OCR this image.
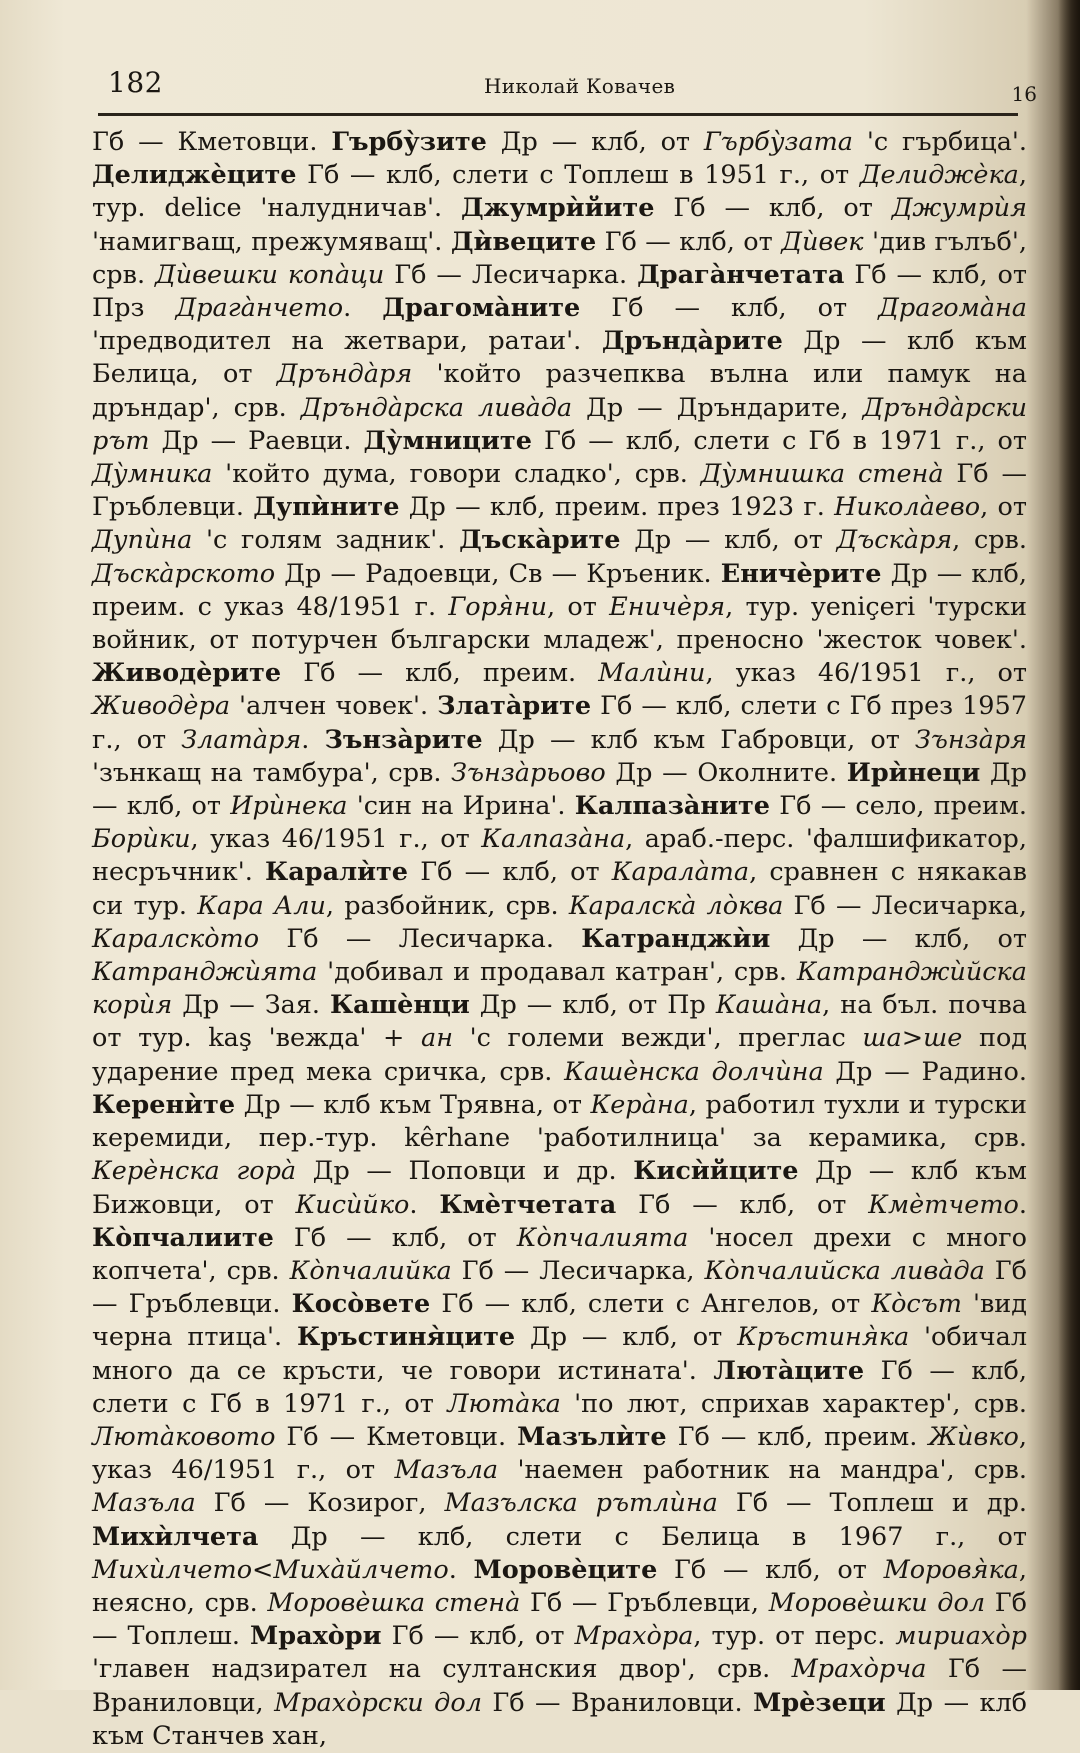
182	Николай Ковачев	16
Гб — Кметовци. Гърбу̀зите Др — клб, от Гърбу̀зата 'с гърбица'. Делиджѐците Гб — клб, слети с Топлеш в 1951 г., от Делиджѐка, тур. delice 'налудничав'. Джумрѝйите Гб — клб, от Джумрѝя 'намигващ, прежумяващ'. Дѝвеците Гб — клб, от Дѝвек 'див гълъб', срв. Дѝвешки копа̀ци Гб — Лесичарка. Драга̀нчетата Гб — клб, от Прз Драга̀нчето. Драгома̀ните Гб — клб, от Драгома̀на 'предводител на жетвари, ратаи'. Дръндàрите Др — клб към Белица, от Дръндàря 'който разчепква вълна или памук на дръндар', срв. Дръндàрска лива̀да Др — Дръндарите, Дръндàрски рът Др — Раевци. Ду̀мниците Гб — клб, слети с Гб в 1971 г., от Ду̀мника 'който дума, говори сладко', срв. Ду̀мнишка стенà Гб — Гръблевци. Дупѝните Др — клб, преим. през 1923 г. Николàево, от Дупѝна 'с голям задник'. Дъскàрите Др — клб, от Дъскàря, срв. Дъскàрското Др — Радоевци, Св — Кръеник. Еничѐрите Др — клб, преим. с указ 48/1951 г. Горя̀ни, от Еничѐря, тур. yeniçeri 'турски войник, от потурчен български младеж', преносно 'жесток човек'. Живодѐрите Гб — клб, преим. Малѝни, указ 46/1951 г., от Живодѐра 'алчен човек'. Златàрите Гб — клб, слети с Гб през 1957 г., от Златàря. Зънзàрите Др — клб към Габровци, от Зънзàря 'зънкащ на тамбура', срв. Зънзàрьово Др — Околните. Ирѝнеци Др — клб, от Ирѝнека 'син на Ирина'. Калпаза̀ните Гб — село, преим. Борѝки, указ 46/1951 г., от Калпаза̀на, араб.-перс. 'фалшификатор, несръчник'. Каралѝте Гб — клб, от Каралàта, сравнен с някакав си тур. Кара Али, разбойник, срв. Каралскà лòква Гб — Лесичарка, Каралскòто Гб — Лесичарка. Катранджѝи Др — клб, от Катранджѝята 'добивал и продавал катран', срв. Катранджѝйска корѝя Др — Зая. Кашѐнци Др — клб, от Пр Кашàна, на бъл. почва от тур. kaş 'вежда' + ан 'с големи вежди', преглас ша>ше под ударение пред мека сричка, срв. Кашѐнска долчѝна Др — Радино. Керенѝте Др — клб към Трявна, от Керàна, работил тухли и турски керемиди, пер.-тур. kêrhane 'работилница' за керамика, срв. Керѐнска горà Др — Поповци и др. Кисѝйците Др — клб към Бижовци, от Кисѝйко. Кмѐтчетата Гб — клб, от Кмѐтчето. Кòпчалиите Гб — клб, от Кòпчалията 'носел дрехи с много копчета', срв. Кòпчалийка Гб — Лесичарка, Кòпчалийска ливàда Гб — Гръблевци. Косòвете Гб — клб, слети с Ангелов, от Кòсът 'вид черна птица'. Кръстиня̀ците Др — клб, от Кръстиня̀ка 'обичал много да се кръсти, че говори истината'. Лютàците Гб — клб, слети с Гб в 1971 г., от Лютàка 'по лют, сприхав характер', срв. Лютàковото Гб — Кметовци. Мазълѝте Гб — клб, преим. Жѝвко, указ 46/1951 г., от Мазъла 'наемен работник на мандра', срв. Мазъла Гб — Козирог, Мазълска рътлѝна Гб — Топлеш и др. Михѝлчета Др — клб, слети с Белица в 1967 г., от Михѝлчето<Михàйлчето. Моровѐците Гб — клб, от Моровя̀ка, неясно, срв. Моровѐшка стенà Гб — Гръблевци, Моровѐшки дол Гб — Топлеш. Мрахòри Гб — клб, от Мрахòра, тур. от перс. мириахòр 'главен надзирател на султанския двор', срв. Мрахòрча Гб — Враниловци, Мрахòрски дол Гб — Враниловци. Мрѐзеци Др — клб към Станчев хан,
